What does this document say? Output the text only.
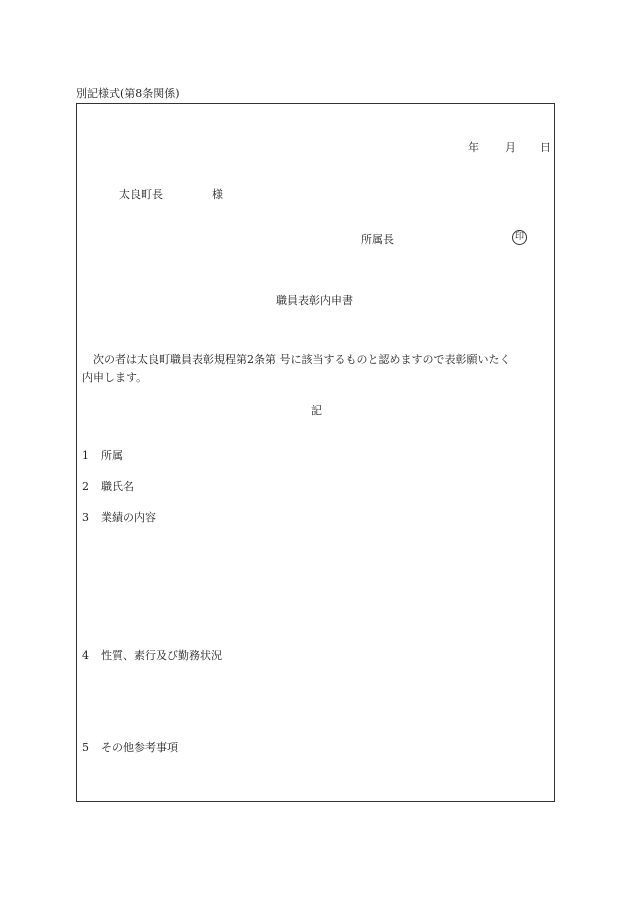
別記様式(第8条関係)
年 月 日
太良町長	様
所属長	印
職員表彰内申書
次の者は太良町職員表彰規程第2条第 号に該当するものと認めますので表彰願いたく
内申します。
記
1 所属
2 職氏名
3 業績の内容
4 性質、素行及び勤務状況
5 その他参考事項
